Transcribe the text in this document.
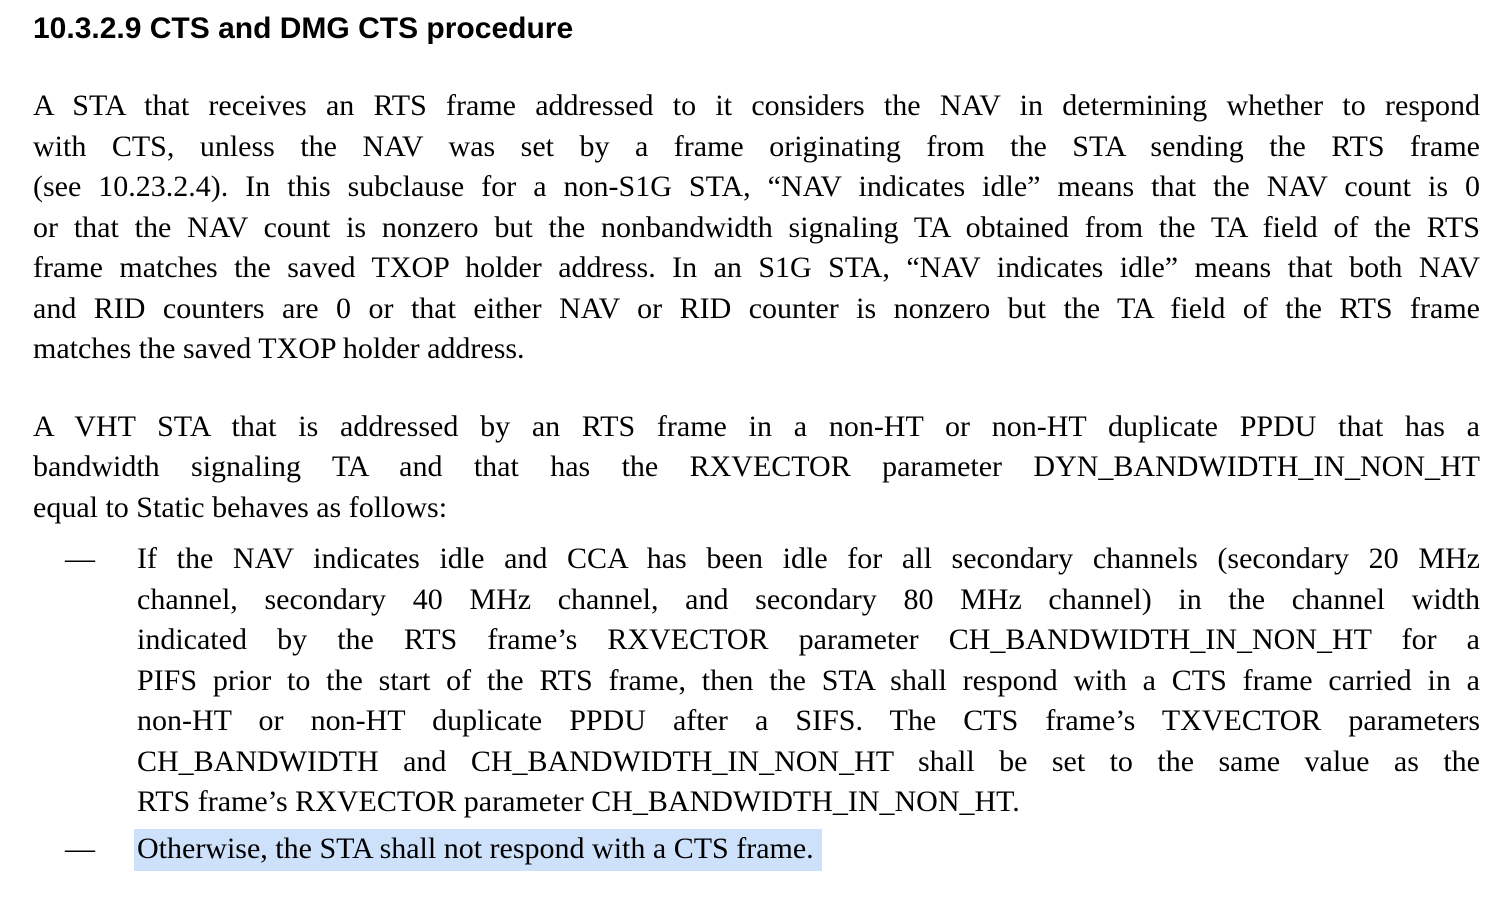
10.3.2.9 CTS and DMG CTS procedure
A STA that receives an RTS frame addressed to it considers the NAV in determining whether to respond
with CTS, unless the NAV was set by a frame originating from the STA sending the RTS frame
(see 10.23.2.4). In this subclause for a non-S1G STA, “NAV indicates idle” means that the NAV count is 0
or that the NAV count is nonzero but the nonbandwidth signaling TA obtained from the TA field of the RTS
frame matches the saved TXOP holder address. In an S1G STA, “NAV indicates idle” means that both NAV
and RID counters are 0 or that either NAV or RID counter is nonzero but the TA field of the RTS frame
matches the saved TXOP holder address.
A VHT STA that is addressed by an RTS frame in a non-HT or non-HT duplicate PPDU that has a
bandwidth signaling TA and that has the RXVECTOR parameter DYN_BANDWIDTH_IN_NON_HT
equal to Static behaves as follows:
—	If the NAV indicates idle and CCA has been idle for all secondary channels (secondary 20 MHz
channel, secondary 40 MHz channel, and secondary 80 MHz channel) in the channel width
indicated by the RTS frame’s RXVECTOR parameter CH_BANDWIDTH_IN_NON_HT for a
PIFS prior to the start of the RTS frame, then the STA shall respond with a CTS frame carried in a
non-HT or non-HT duplicate PPDU after a SIFS. The CTS frame’s TXVECTOR parameters
CH_BANDWIDTH and CH_BANDWIDTH_IN_NON_HT shall be set to the same value as the
RTS frame’s RXVECTOR parameter CH_BANDWIDTH_IN_NON_HT.
—	Otherwise, the STA shall not respond with a CTS frame.
